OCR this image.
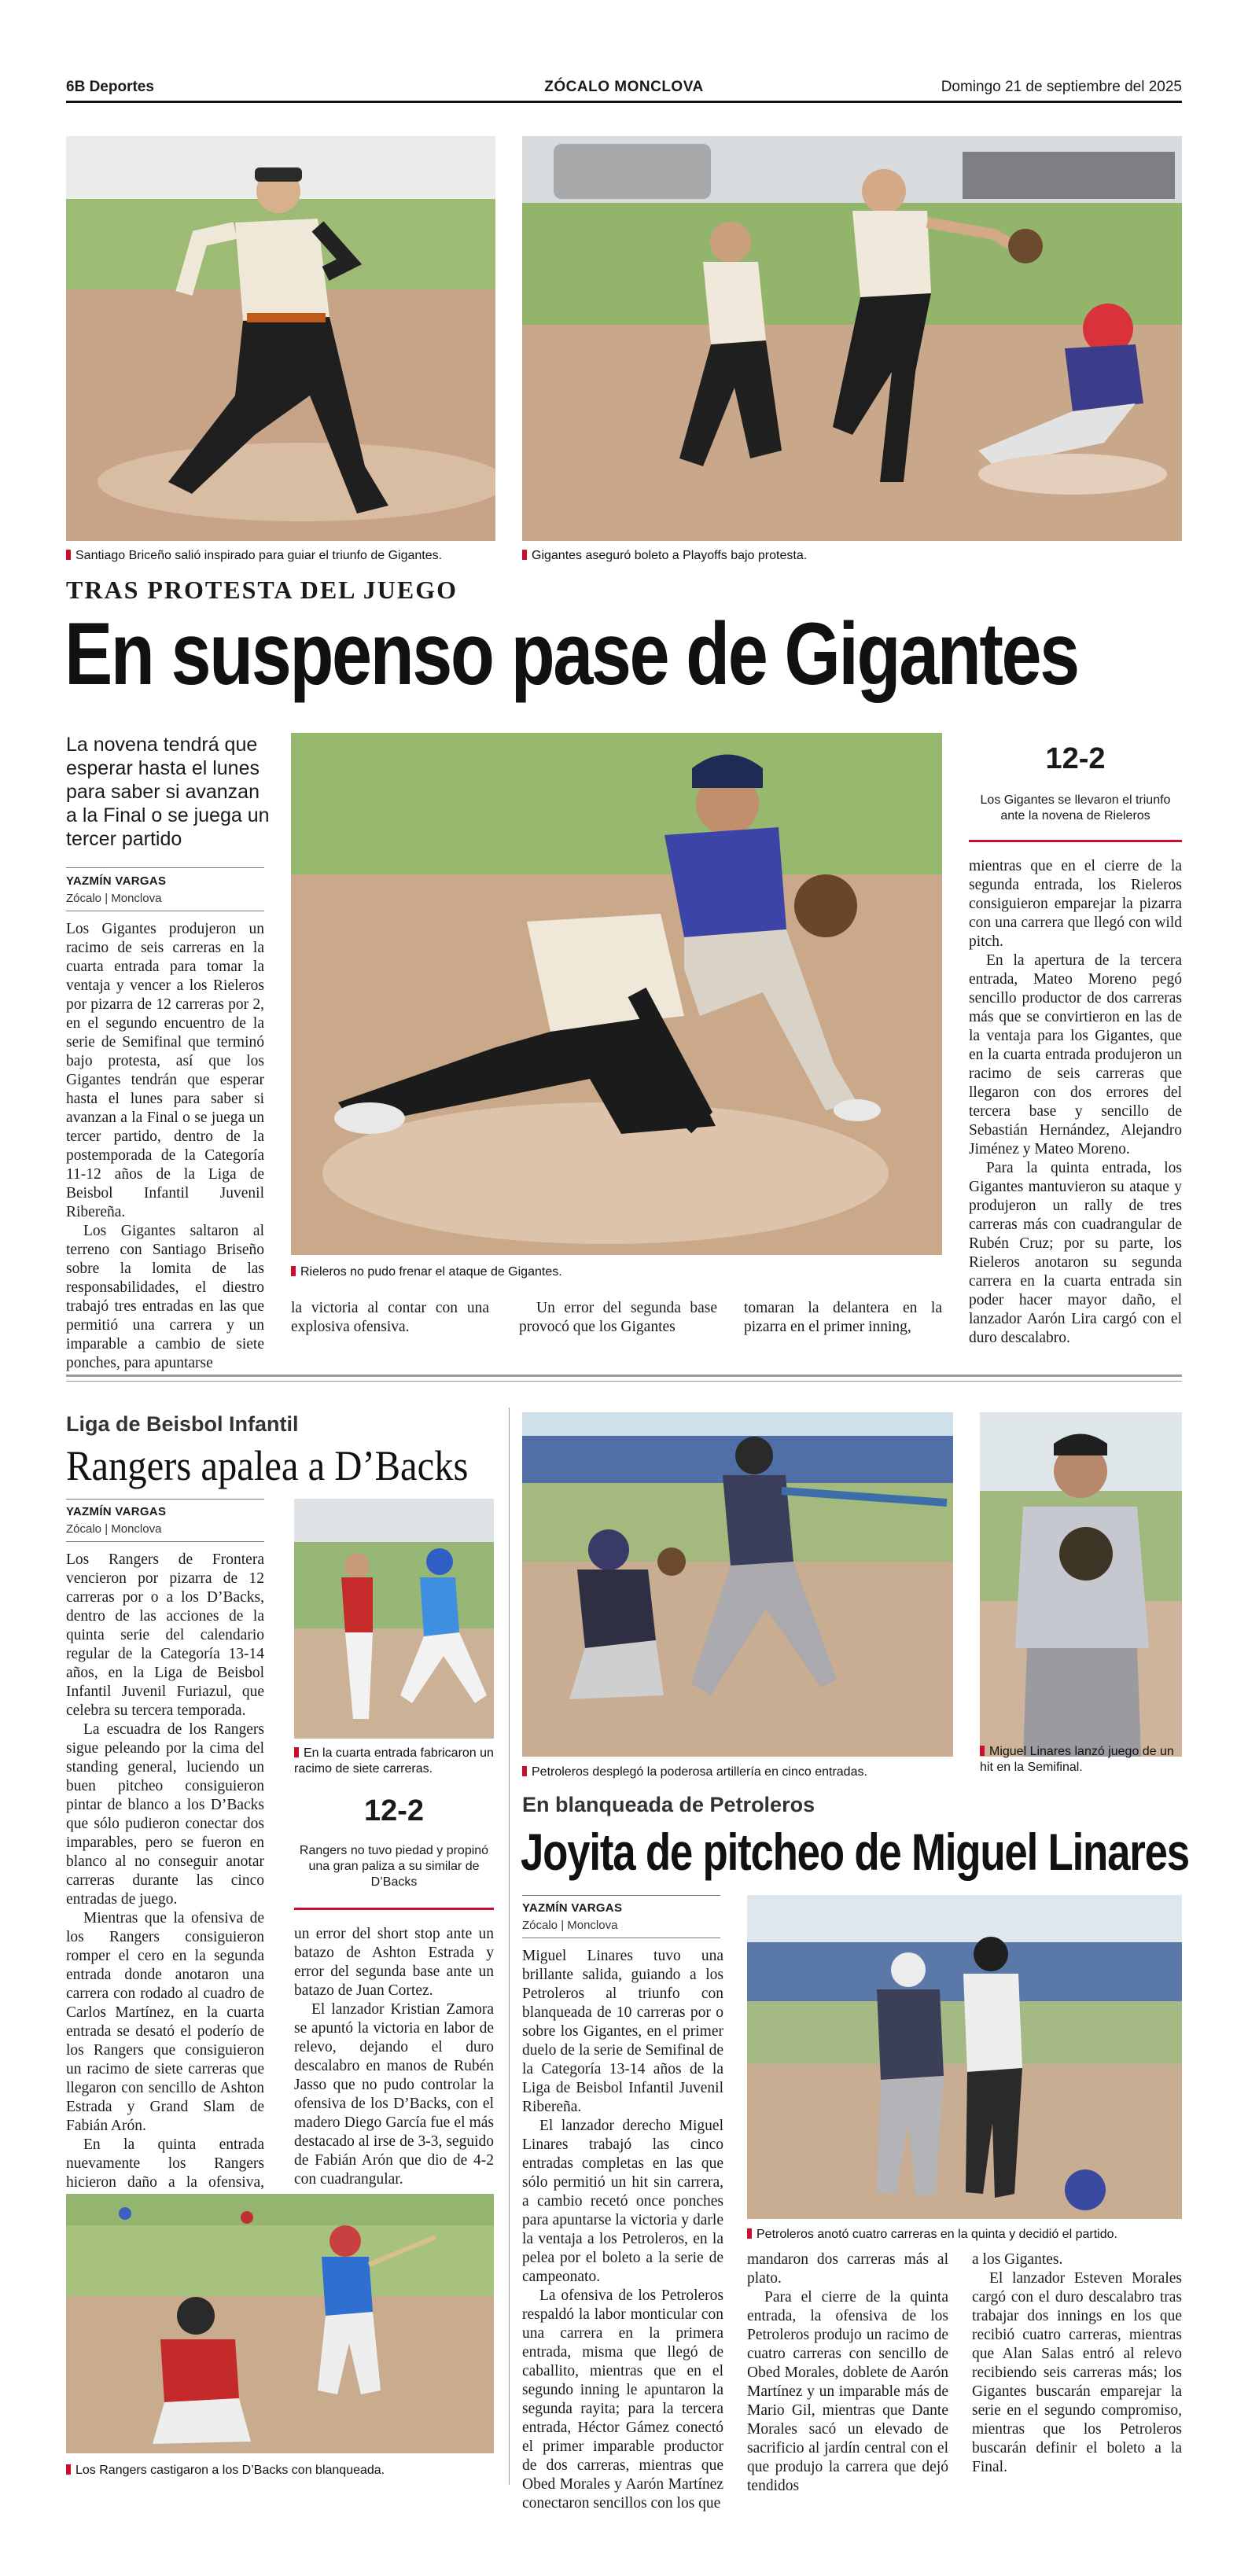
6B Deportes	ZÓCALO MONCLOVA	Domingo 21 de septiembre del 2025
Santiago Briceño salió inspirado para guiar el triunfo de Gigantes.	Gigantes aseguró boleto a Playoffs bajo protesta.
TRAS PROTESTA DEL JUEGO
En suspenso pase de Gigantes
La novena tendrá que esperar hasta el lunes para saber si avanzan a la Final o se juega un tercer partido
YAZMÍN VARGAS
Zócalo | Monclova

Los Gigantes produjeron un racimo de seis carreras en la cuarta entrada para tomar la ventaja y vencer a los Rieleros por pizarra de 12 carreras por 2, en el segundo encuentro de la serie de Semifinal que terminó bajo protesta, así que los Gigantes tendrán que esperar hasta el lunes para saber si avanzan a la Final o se juega un tercer partido, dentro de la postemporada de la Categoría 11-12 años de la Liga de Beisbol Infantil Juvenil Ribereña.

Los Gigantes saltaron al terreno con Santiago Briseño sobre la lomita de las responsabilidades, el diestro trabajó tres entradas en las que permitió una carrera y un imparable a cambio de siete ponches, para apuntarse

Rieleros no pudo frenar el ataque de Gigantes.
12-2
Los Gigantes se llevaron el triunfo ante la novena de Rieleros

mientras que en el cierre de la segunda entrada, los Rieleros consiguieron emparejar la pizarra con una carrera que llegó con wild pitch.

En la apertura de la tercera entrada, Mateo Moreno pegó sencillo productor de dos carreras más que se convirtieron en las de la ventaja para los Gigantes, que en la cuarta entrada produjeron un racimo de seis carreras que llegaron con dos errores del tercera base y sencillo de Sebastián Hernández, Alejandro Jiménez y Mateo Moreno.

Para la quinta entrada, los Gigantes mantuvieron su ataque y produjeron un rally de tres carreras más con cuadrangular de Rubén Cruz; por su parte, los Rieleros anotaron su segunda carrera en la cuarta entrada sin poder hacer mayor daño, el lanzador Aarón Lira cargó con el duro descalabro.

la victoria al contar con una explosiva ofensiva.

Un error del segunda base provocó que los Gigantes

tomaran la delantera en la pizarra en el primer inning,

Liga de Beisbol Infantil
Rangers apalea a D’Backs
YAZMÍN VARGAS
Zócalo | Monclova

Los Rangers de Frontera vencieron por pizarra de 12 carreras por o a los D’Backs, dentro de las acciones de la quinta serie del calendario regular de la Categoría 13-14 años, en la Liga de Beisbol Infantil Juvenil Furiazul, que celebra su tercera temporada.

La escuadra de los Rangers sigue peleando por la cima del standing general, luciendo un buen pitcheo consiguieron pintar de blanco a los D’Backs que sólo pudieron conectar dos imparables, pero se fueron en blanco al no conseguir anotar carreras durante las cinco entradas de juego.

Mientras que la ofensiva de los Rangers consiguieron romper el cero en la segunda entrada donde anotaron una carrera con rodado al cuadro de Carlos Martínez, en la cuarta entrada se desató el poderío de los Rangers que consiguieron un racimo de siete carreras que llegaron con sencillo de Ashton Estrada y Grand Slam de Fabián Arón.

En la quinta entrada nuevamente los Rangers hicieron daño a la ofensiva,

En la cuarta entrada fabricaron un racimo de siete carreras.
12-2
Rangers no tuvo piedad y propinó una gran paliza a su similar de D’Backs

un error del short stop ante un batazo de Ashton Estrada y error del segunda base ante un batazo de Juan Cortez.

El lanzador Kristian Zamora se apuntó la victoria en labor de relevo, dejando el duro descalabro en manos de Rubén Jasso que no pudo controlar la ofensiva de los D’Backs, con el madero Diego García fue el más destacado al irse de 3-3, seguido de Fabián Arón que dio de 4-2 con cuadrangular.

Los Rangers castigaron a los D’Backs con blanqueada.
Petroleros desplegó la poderosa artillería en cinco entradas.
Miguel Linares lanzó juego de un hit en la Semifinal.
En blanqueada de Petroleros
Joyita de pitcheo de Miguel Linares
YAZMÍN VARGAS
Zócalo | Monclova

Miguel Linares tuvo una brillante salida, guiando a los Petroleros al triunfo con blanqueada de 10 carreras por o sobre los Gigantes, en el primer duelo de la serie de Semifinal de la Categoría 13-14 años de la Liga de Beisbol Infantil Juvenil Ribereña.

El lanzador derecho Miguel Linares trabajó las cinco entradas completas en las que sólo permitió un hit sin carrera, a cambio recetó once ponches para apuntarse la victoria y darle la ventaja a los Petroleros, en la pelea por el boleto a la serie de campeonato.

La ofensiva de los Petroleros respaldó la labor monticular con una carrera en la primera entrada, misma que llegó de caballito, mientras que en el segundo inning le apuntaron la segunda rayita; para la tercera entrada, Héctor Gámez conectó el primer imparable productor de dos carreras, mientras que Obed Morales y Aarón Martínez conectaron sencillos con los que

Petroleros anotó cuatro carreras en la quinta y decidió el partido.

mandaron dos carreras más al plato.

Para el cierre de la quinta entrada, la ofensiva de los Petroleros produjo un racimo de cuatro carreras con sencillo de Obed Morales, doblete de Aarón Martínez y un imparable más de Mario Gil, mientras que Dante Morales sacó un elevado de sacrificio al jardín central con el que produjo la carrera que dejó tendidos

a los Gigantes.

El lanzador Esteven Morales cargó con el duro descalabro tras trabajar dos innings en los que recibió cuatro carreras, mientras que Alan Salas entró al relevo recibiendo seis carreras más; los Gigantes buscarán emparejar la serie en el segundo compromiso, mientras que los Petroleros buscarán definir el boleto a la Final.
